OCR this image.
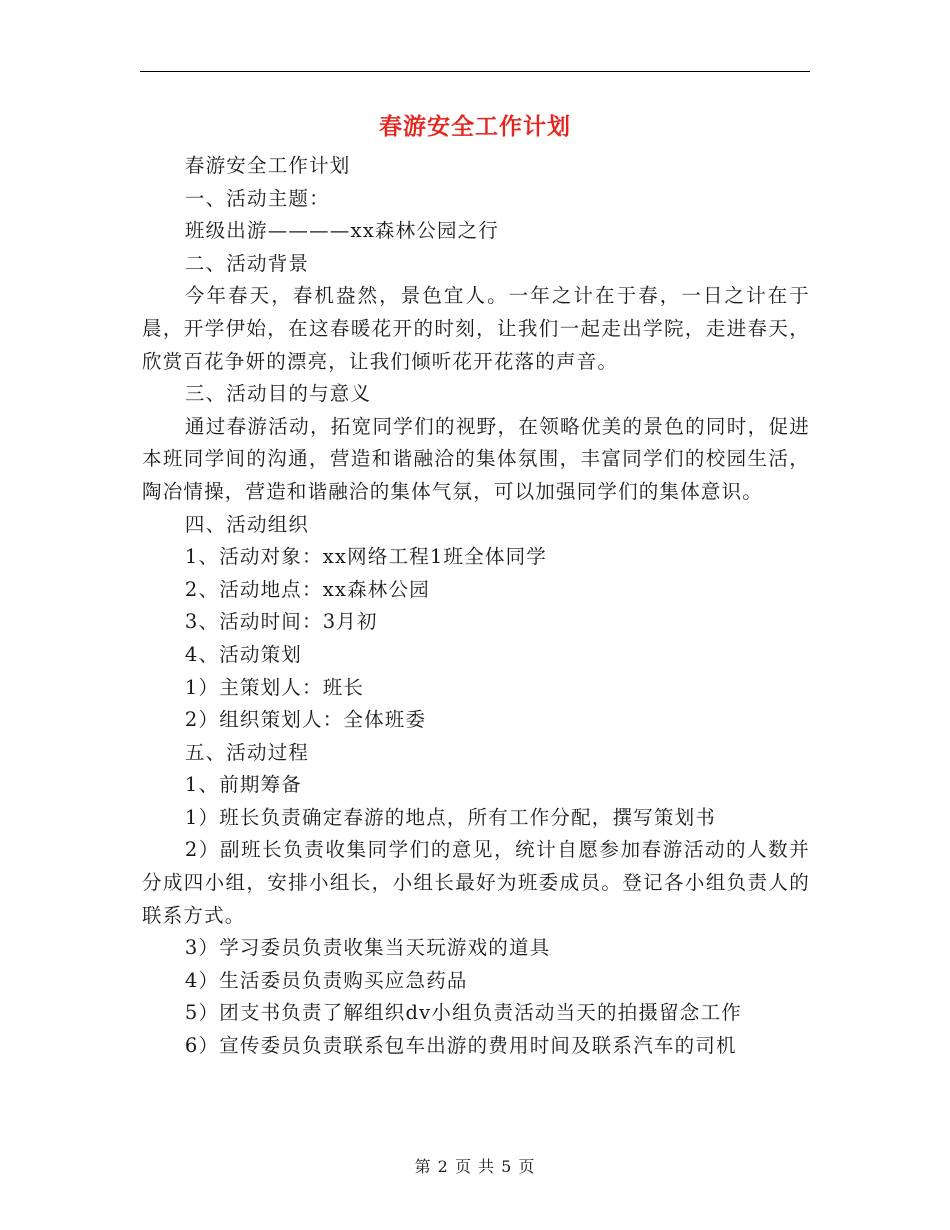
春游安全工作计划

春游安全工作计划

一、活动主题：

班级出游————xx森林公园之行

二、活动背景

今年春天，春机盎然，景色宜人。一年之计在于春，一日之计在于晨，开学伊始，在这春暖花开的时刻，让我们一起走出学院，走进春天，欣赏百花争妍的漂亮，让我们倾听花开花落的声音。

三、活动目的与意义

通过春游活动，拓宽同学们的视野，在领略优美的景色的同时，促进本班同学间的沟通，营造和谐融洽的集体氛围，丰富同学们的校园生活，陶冶情操，营造和谐融洽的集体气氛，可以加强同学们的集体意识。

四、活动组织

1、活动对象：xx网络工程1班全体同学

2、活动地点：xx森林公园

3、活动时间：3月初

4、活动策划

1）主策划人：班长

2）组织策划人：全体班委

五、活动过程

1、前期筹备

1）班长负责确定春游的地点，所有工作分配，撰写策划书

2）副班长负责收集同学们的意见，统计自愿参加春游活动的人数并分成四小组，安排小组长，小组长最好为班委成员。登记各小组负责人的联系方式。

3）学习委员负责收集当天玩游戏的道具

4）生活委员负责购买应急药品

5）团支书负责了解组织dv小组负责活动当天的拍摄留念工作

6）宣传委员负责联系包车出游的费用时间及联系汽车的司机

第 2 页 共 5 页
